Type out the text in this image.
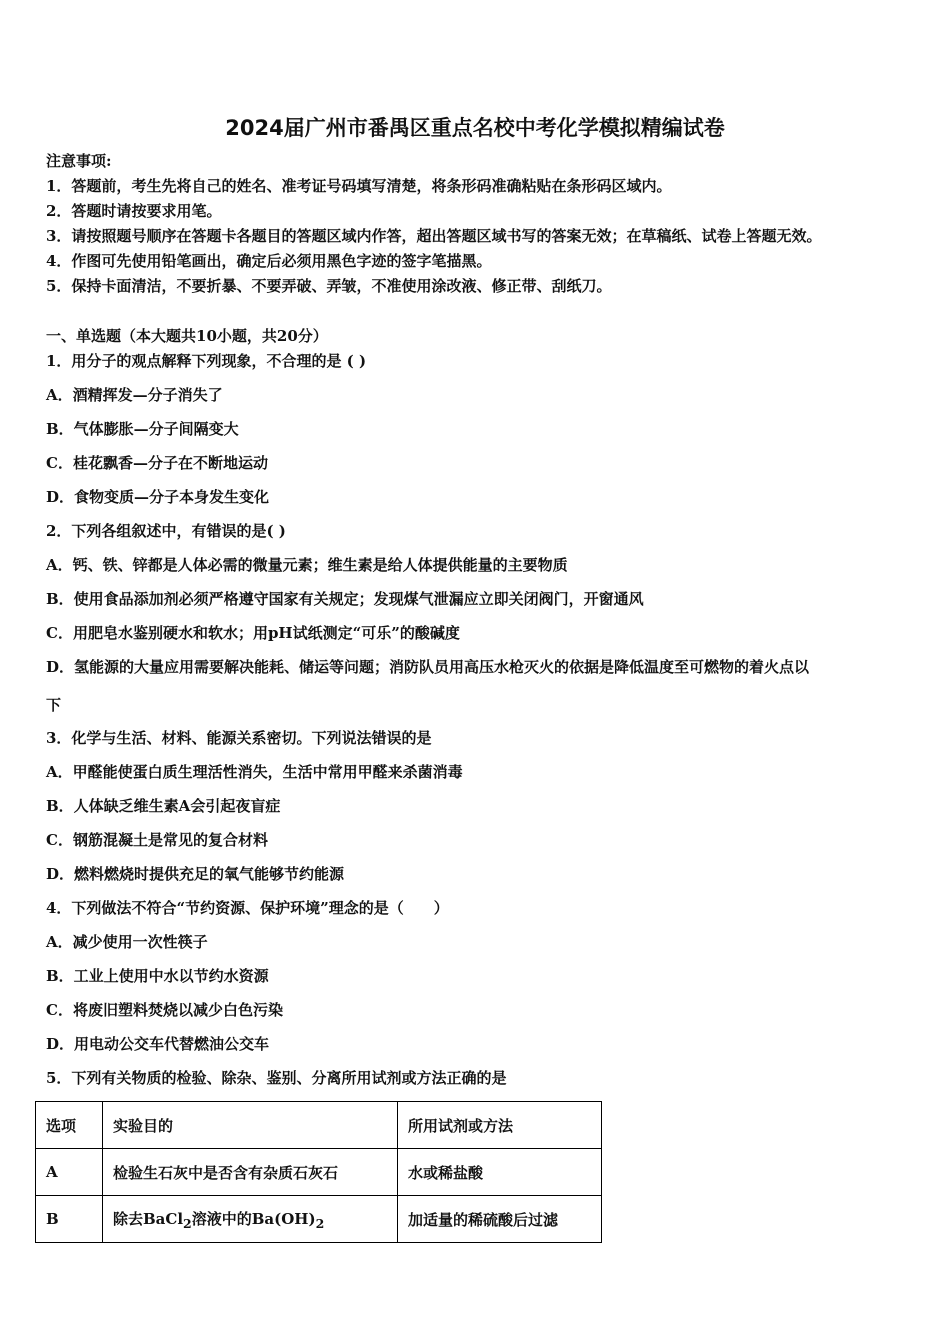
2024届广州市番禺区重点名校中考化学模拟精编试卷
注意事项:
1．答题前，考生先将自己的姓名、准考证号码填写清楚，将条形码准确粘贴在条形码区域内。
2．答题时请按要求用笔。
3．请按照题号顺序在答题卡各题目的答题区域内作答，超出答题区域书写的答案无效；在草稿纸、试卷上答题无效。
4．作图可先使用铅笔画出，确定后必须用黑色字迹的签字笔描黑。
5．保持卡面清洁，不要折暴、不要弄破、弄皱，不准使用涂改液、修正带、刮纸刀。
一、单选题（本大题共10小题，共20分）
1．用分子的观点解释下列现象，不合理的是 ( )
A．酒精挥发—分子消失了
B．气体膨胀—分子间隔变大
C．桂花飘香—分子在不断地运动
D．食物变质—分子本身发生变化
2．下列各组叙述中，有错误的是( )
A．钙、铁、锌都是人体必需的微量元素；维生素是给人体提供能量的主要物质
B．使用食品添加剂必须严格遵守国家有关规定；发现煤气泄漏应立即关闭阀门，开窗通风
C．用肥皂水鉴别硬水和软水；用pH试纸测定“可乐”的酸碱度
D．氢能源的大量应用需要解决能耗、储运等问题；消防队员用高压水枪灭火的依据是降低温度至可燃物的着火点以
下
3．化学与生活、材料、能源关系密切。下列说法错误的是
A．甲醛能使蛋白质生理活性消失，生活中常用甲醛来杀菌消毒
B．人体缺乏维生素A会引起夜盲症
C．钢筋混凝土是常见的复合材料
D．燃料燃烧时提供充足的氧气能够节约能源
4．下列做法不符合“节约资源、保护环境”理念的是（　　）
A．减少使用一次性筷子
B．工业上使用中水以节约水资源
C．将废旧塑料焚烧以减少白色污染
D．用电动公交车代替燃油公交车
5．下列有关物质的检验、除杂、鉴别、分离所用试剂或方法正确的是
选项	实验目的	所用试剂或方法
A	检验生石灰中是否含有杂质石灰石	水或稀盐酸
B	除去BaCl$_2$溶液中的$Ba(OH)_2$	加适量的稀硫酸后过滤
